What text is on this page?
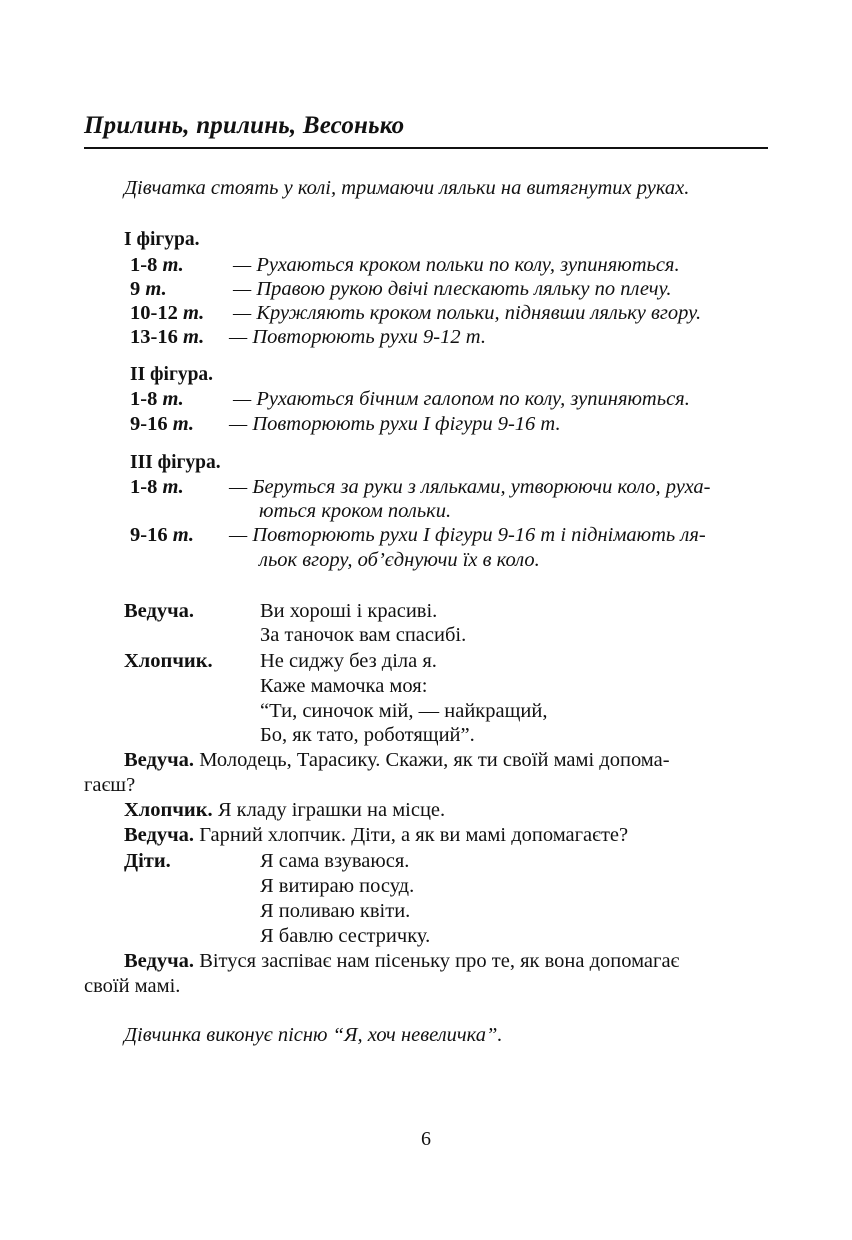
Прилинь, прилинь, Весонько
Дівчатка стоять у колі, тримаючи ляльки на витягнутих руках.
І фігура.
1-8 т. — Рухаються кроком польки по колу, зупиняються.
9 т.	— Правою рукою двічі плескають ляльку по плечу.
10-12 т. — Кружляють кроком польки, піднявши ляльку вгору.
13-16 т. — Повторюють рухи 9-12 т.
ІІ фігура.
1-8 т. — Рухаються бічним галопом по колу, зупиняються.
9-16 т. — Повторюють рухи І фігури 9-16 т.
ІІІ фігура.
1-8 т. — Беруться за руки з ляльками, утворюючи коло, руха-
ються кроком польки.
9-16 т. — Повторюють рухи І фігури 9-16 т і піднімають ля-
льок вгору, об’єднуючи їх в коло.
Ведуча.	Ви хороші і красиві.
За таночок вам спасибі.
Хлопчик. Не сиджу без діла я.
Каже мамочка моя:
“Ти, синочок мій, — найкращий,
Бо, як тато, роботящий”.
Ведуча. Молодець, Тарасику. Скажи, як ти своїй мамі допома-
гаєш?
Хлопчик. Я кладу іграшки на місце.
Ведуча. Гарний хлопчик. Діти, а як ви мамі допомагаєте?
Діти.	Я сама взуваюся.
Я витираю посуд.
Я поливаю квіти.
Я бавлю сестричку.
Ведуча. Вітуся заспіває нам пісеньку про те, як вона допомагає
своїй мамі.
Дівчинка виконує пісню “Я, хоч невеличка”.
6
